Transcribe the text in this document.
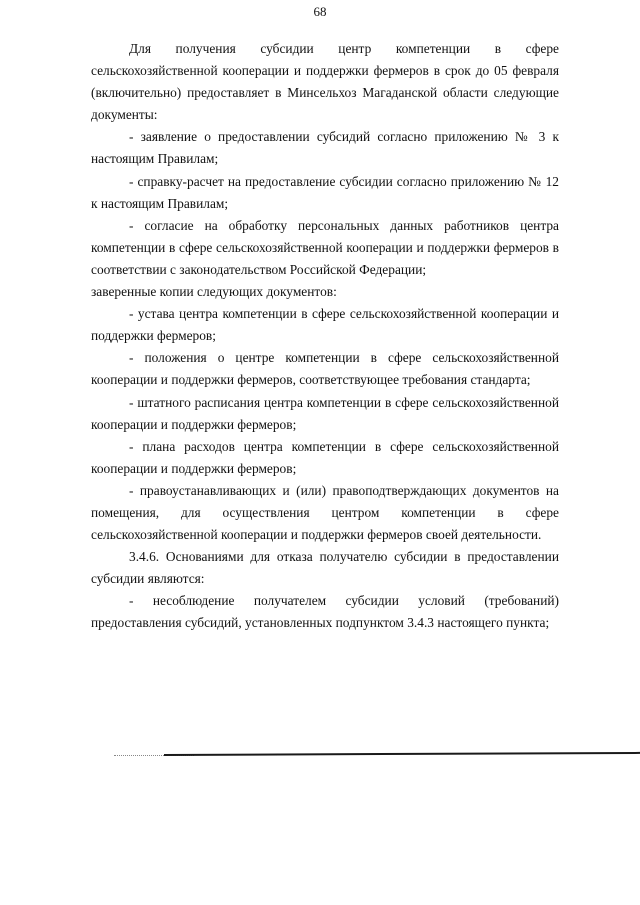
68

Для получения субсидии центр компетенции в сфере сельскохозяйственной кооперации и поддержки фермеров в срок до 05 февраля (включительно) предоставляет в Минсельхоз Магаданской области следующие документы:

- заявление о предоставлении субсидий согласно приложению № 3 к настоящим Правилам;

- справку-расчет на предоставление субсидии согласно приложению № 12 к настоящим Правилам;

- согласие на обработку персональных данных работников центра компетенции в сфере сельскохозяйственной кооперации и поддержки фермеров в соответствии с законодательством Российской Федерации;

заверенные копии следующих документов:

- устава центра компетенции в сфере сельскохозяйственной кооперации и поддержки фермеров;

- положения о центре компетенции в сфере сельскохозяйственной кооперации и поддержки фермеров, соответствующее требования стандарта;

- штатного расписания центра компетенции в сфере сельскохозяйственной кооперации и поддержки фермеров;

- плана расходов центра компетенции в сфере сельскохозяйственной кооперации и поддержки фермеров;

- правоустанавливающих и (или) правоподтверждающих документов на помещения, для осуществления центром компетенции в сфере сельскохозяйственной кооперации и поддержки фермеров своей деятельности.

3.4.6. Основаниями для отказа получателю субсидии в предоставлении субсидии являются:

- несоблюдение получателем субсидии условий (требований) предоставления субсидий, установленных подпунктом 3.4.3 настоящего пункта;
